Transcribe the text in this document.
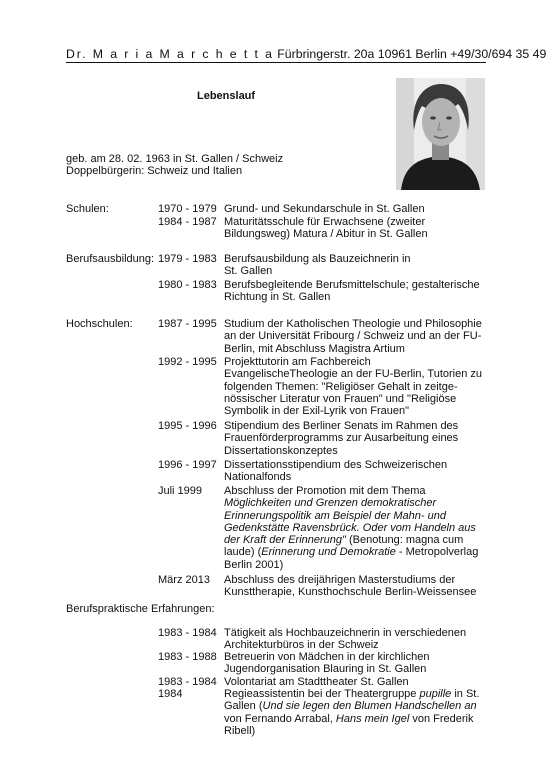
Dr. M a r i a M a r c h e t t a Fürbringerstr. 20a 10961 Berlin +49/30/694 35 49
Lebenslauf
geb. am 28. 02. 1963 in St. Gallen / Schweiz
Doppelbürgerin: Schweiz und Italien
Schulen:	1970 - 1979 Grund- und Sekundarschule in St. Gallen
1984 - 1987 Maturitätsschule für Erwachsene (zweiter
Bildungsweg) Matura / Abitur in St. Gallen
Berufsausbildung: 1979 - 1983 Berufsausbildung als Bauzeichnerin in
St. Gallen
1980 - 1983 Berufsbegleitende Berufsmittelschule; gestalterische
Richtung in St. Gallen
Hochschulen: 1987 - 1995 Studium der Katholischen Theologie und Philosophie
an der Universität Fribourg / Schweiz und an der FU-
Berlin, mit Abschluss Magistra Artium
1992 - 1995 Projekttutorin am Fachbereich
EvangelischeTheologie an der FU-Berlin, Tutorien zu
folgenden Themen: "Religiöser Gehalt in zeitge-
nössischer Literatur von Frauen" und "Religiöse
Symbolik in der Exil-Lyrik von Frauen"
1995 - 1996 Stipendium des Berliner Senats im Rahmen des
Frauenförderprogramms zur Ausarbeitung eines
Dissertationskonzeptes
1996 - 1997 Dissertationsstipendium des Schweizerischen
Nationalfonds
Juli 1999 Abschluss der Promotion mit dem Thema
Möglichkeiten und Grenzen demokratischer
Erinnerungspolitik am Beispiel der Mahn- und
Gedenkstätte Ravensbrück. Oder vom Handeln aus
der Kraft der Erinnerung" (Benotung: magna cum
laude) (Erinnerung und Demokratie - Metropolverlag
Berlin 2001)
März 2013 Abschluss des dreijährigen Masterstudiums der
Kunsttherapie, Kunsthochschule Berlin-Weissensee
Berufspraktische Erfahrungen:
1983 - 1984 Tätigkeit als Hochbauzeichnerin in verschiedenen
Architekturbüros in der Schweiz
1983 - 1988 Betreuerin von Mädchen in der kirchlichen
Jugendorganisation Blauring in St. Gallen
1983 - 1984 Volontariat am Stadttheater St. Gallen
1984	Regieassistentin bei der Theatergruppe pupille in St.
Gallen (Und sie legen den Blumen Handschellen an
von Fernando Arrabal, Hans mein Igel von Frederik
Ribell)
